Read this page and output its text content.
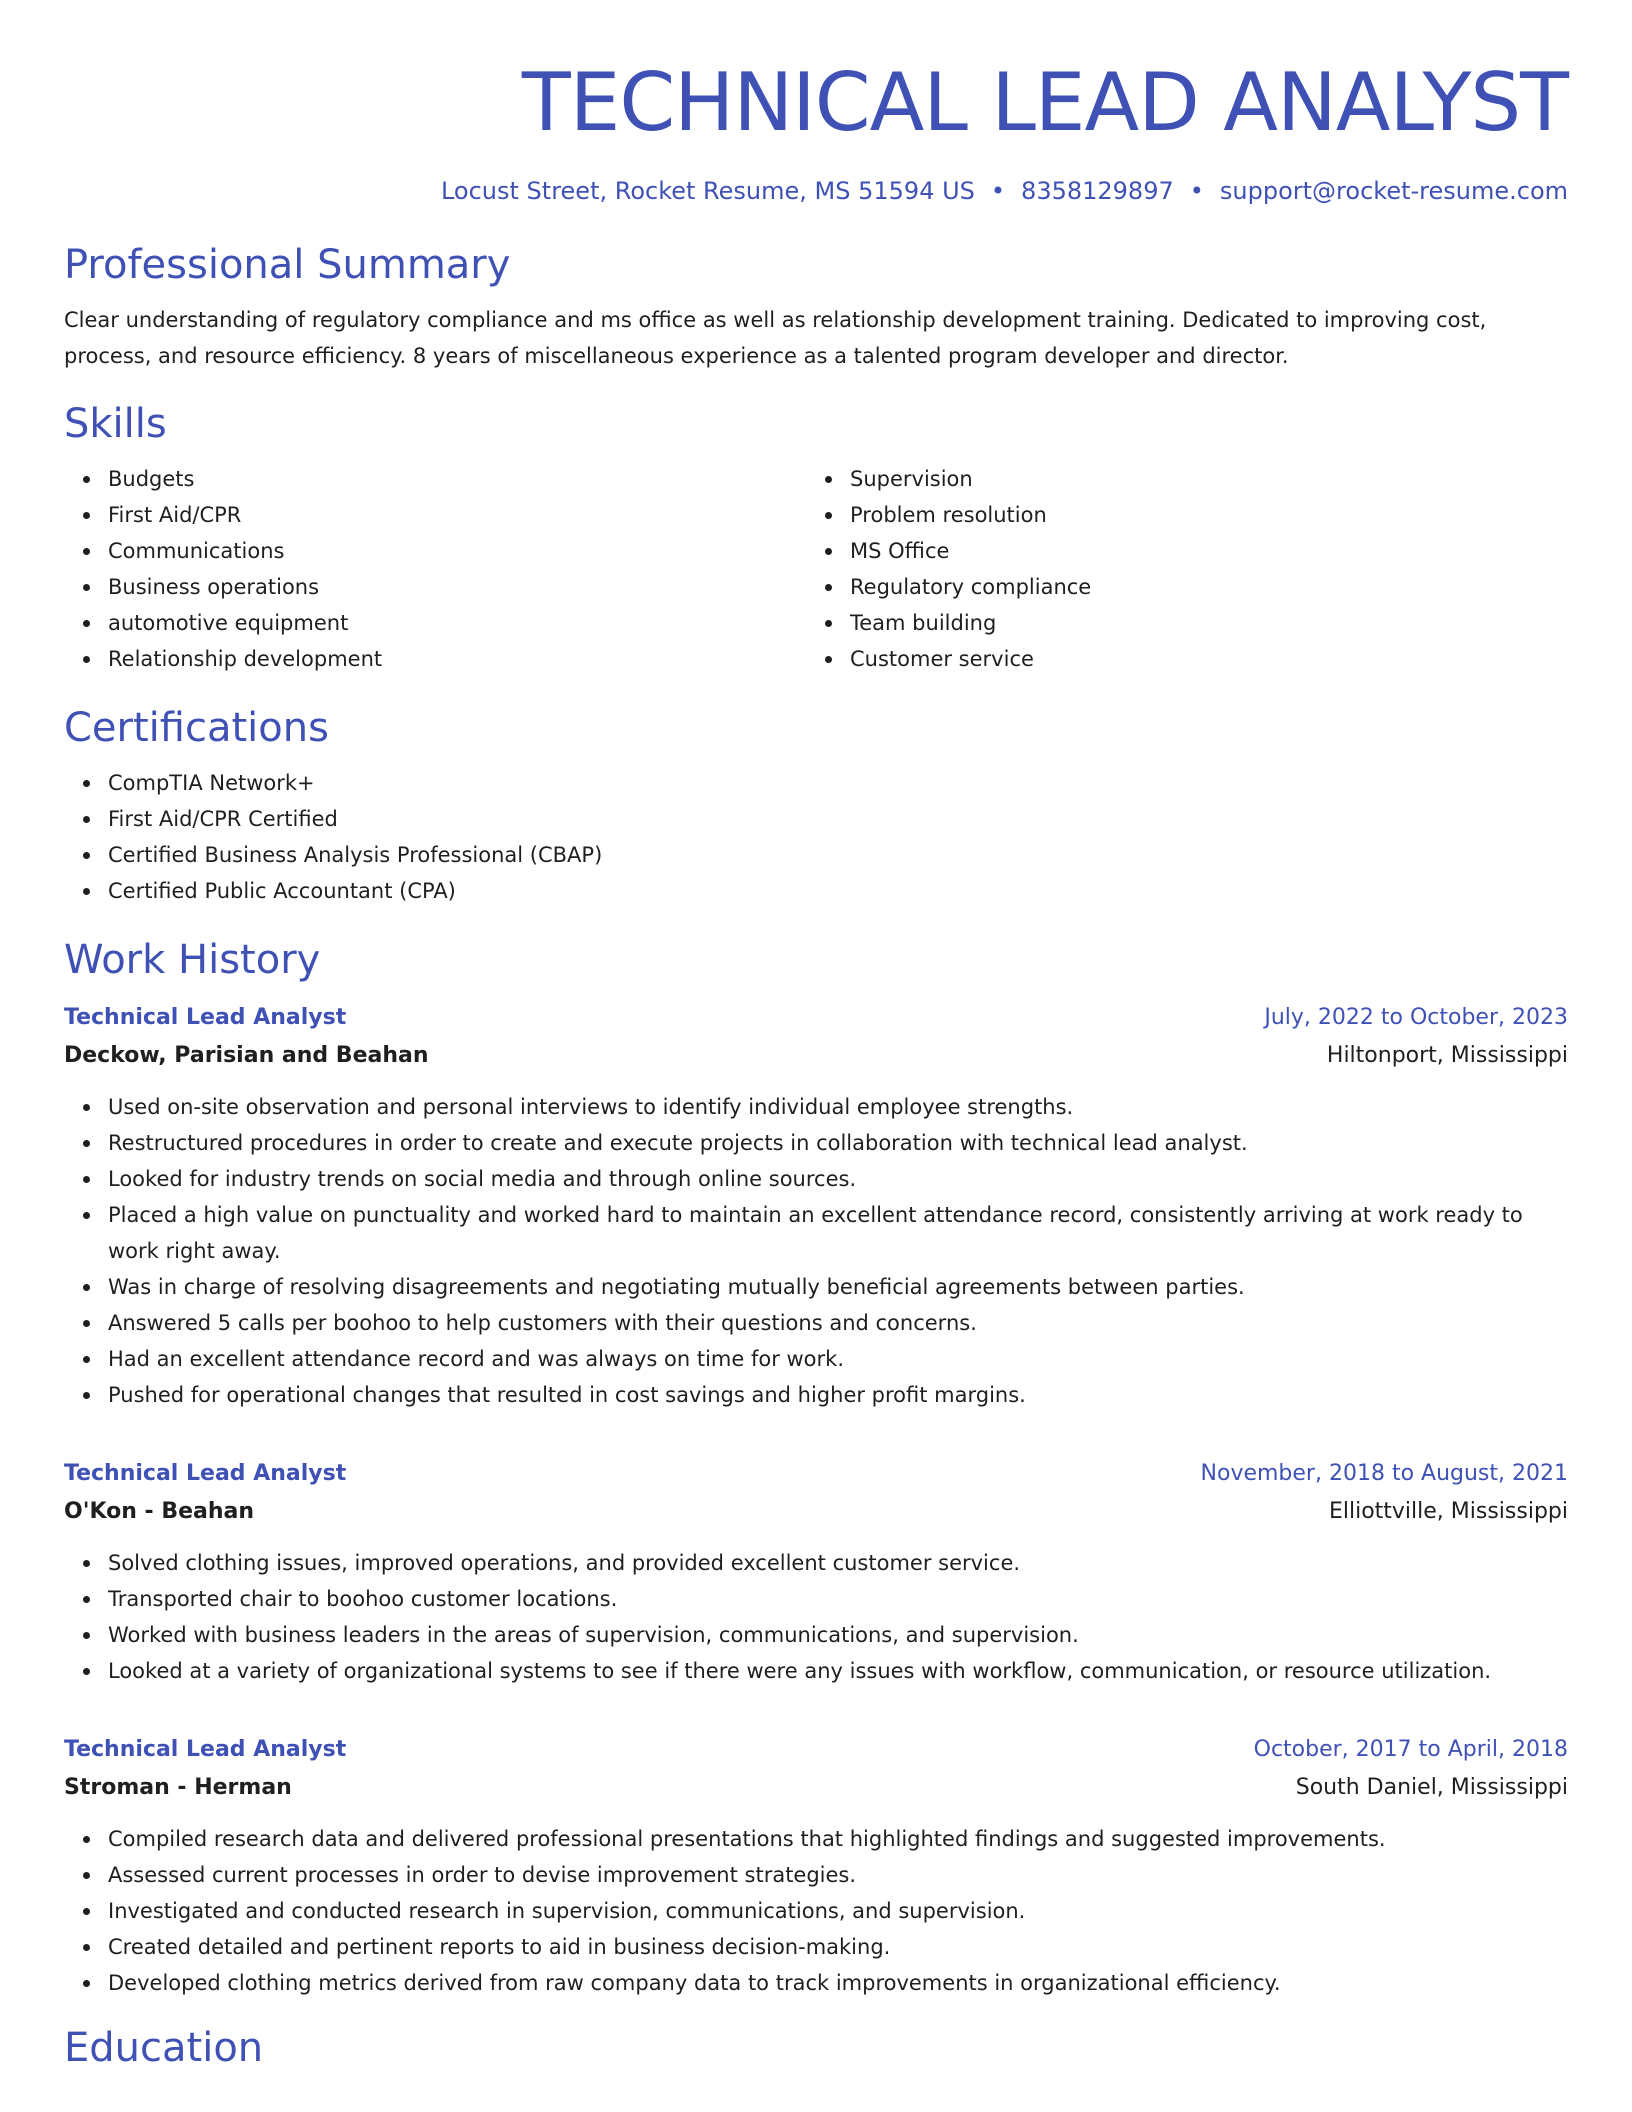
TECHNICAL LEAD ANALYST
Locust Street, Rocket Resume, MS 51594 US • 8358129897 • support@rocket-resume.com
Professional Summary
Clear understanding of regulatory compliance and ms office as well as relationship development training. Dedicated to improving cost, process, and resource efficiency. 8 years of miscellaneous experience as a talented program developer and director.
Skills
Budgets
First Aid/CPR
Communications
Business operations
automotive equipment
Relationship development
Supervision
Problem resolution
MS Office
Regulatory compliance
Team building
Customer service
Certifications
CompTIA Network+
First Aid/CPR Certified
Certified Business Analysis Professional (CBAP)
Certified Public Accountant (CPA)
Work History
Technical Lead Analyst	July, 2022 to October, 2023
Deckow, Parisian and Beahan	Hiltonport, Mississippi
Used on-site observation and personal interviews to identify individual employee strengths.
Restructured procedures in order to create and execute projects in collaboration with technical lead analyst.
Looked for industry trends on social media and through online sources.
Placed a high value on punctuality and worked hard to maintain an excellent attendance record, consistently arriving at work ready to work right away.
Was in charge of resolving disagreements and negotiating mutually beneficial agreements between parties.
Answered 5 calls per boohoo to help customers with their questions and concerns.
Had an excellent attendance record and was always on time for work.
Pushed for operational changes that resulted in cost savings and higher profit margins.
Technical Lead Analyst	November, 2018 to August, 2021
O'Kon - Beahan	Elliottville, Mississippi
Solved clothing issues, improved operations, and provided excellent customer service.
Transported chair to boohoo customer locations.
Worked with business leaders in the areas of supervision, communications, and supervision.
Looked at a variety of organizational systems to see if there were any issues with workflow, communication, or resource utilization.
Technical Lead Analyst	October, 2017 to April, 2018
Stroman - Herman	South Daniel, Mississippi
Compiled research data and delivered professional presentations that highlighted findings and suggested improvements.
Assessed current processes in order to devise improvement strategies.
Investigated and conducted research in supervision, communications, and supervision.
Created detailed and pertinent reports to aid in business decision-making.
Developed clothing metrics derived from raw company data to track improvements in organizational efficiency.
Education
